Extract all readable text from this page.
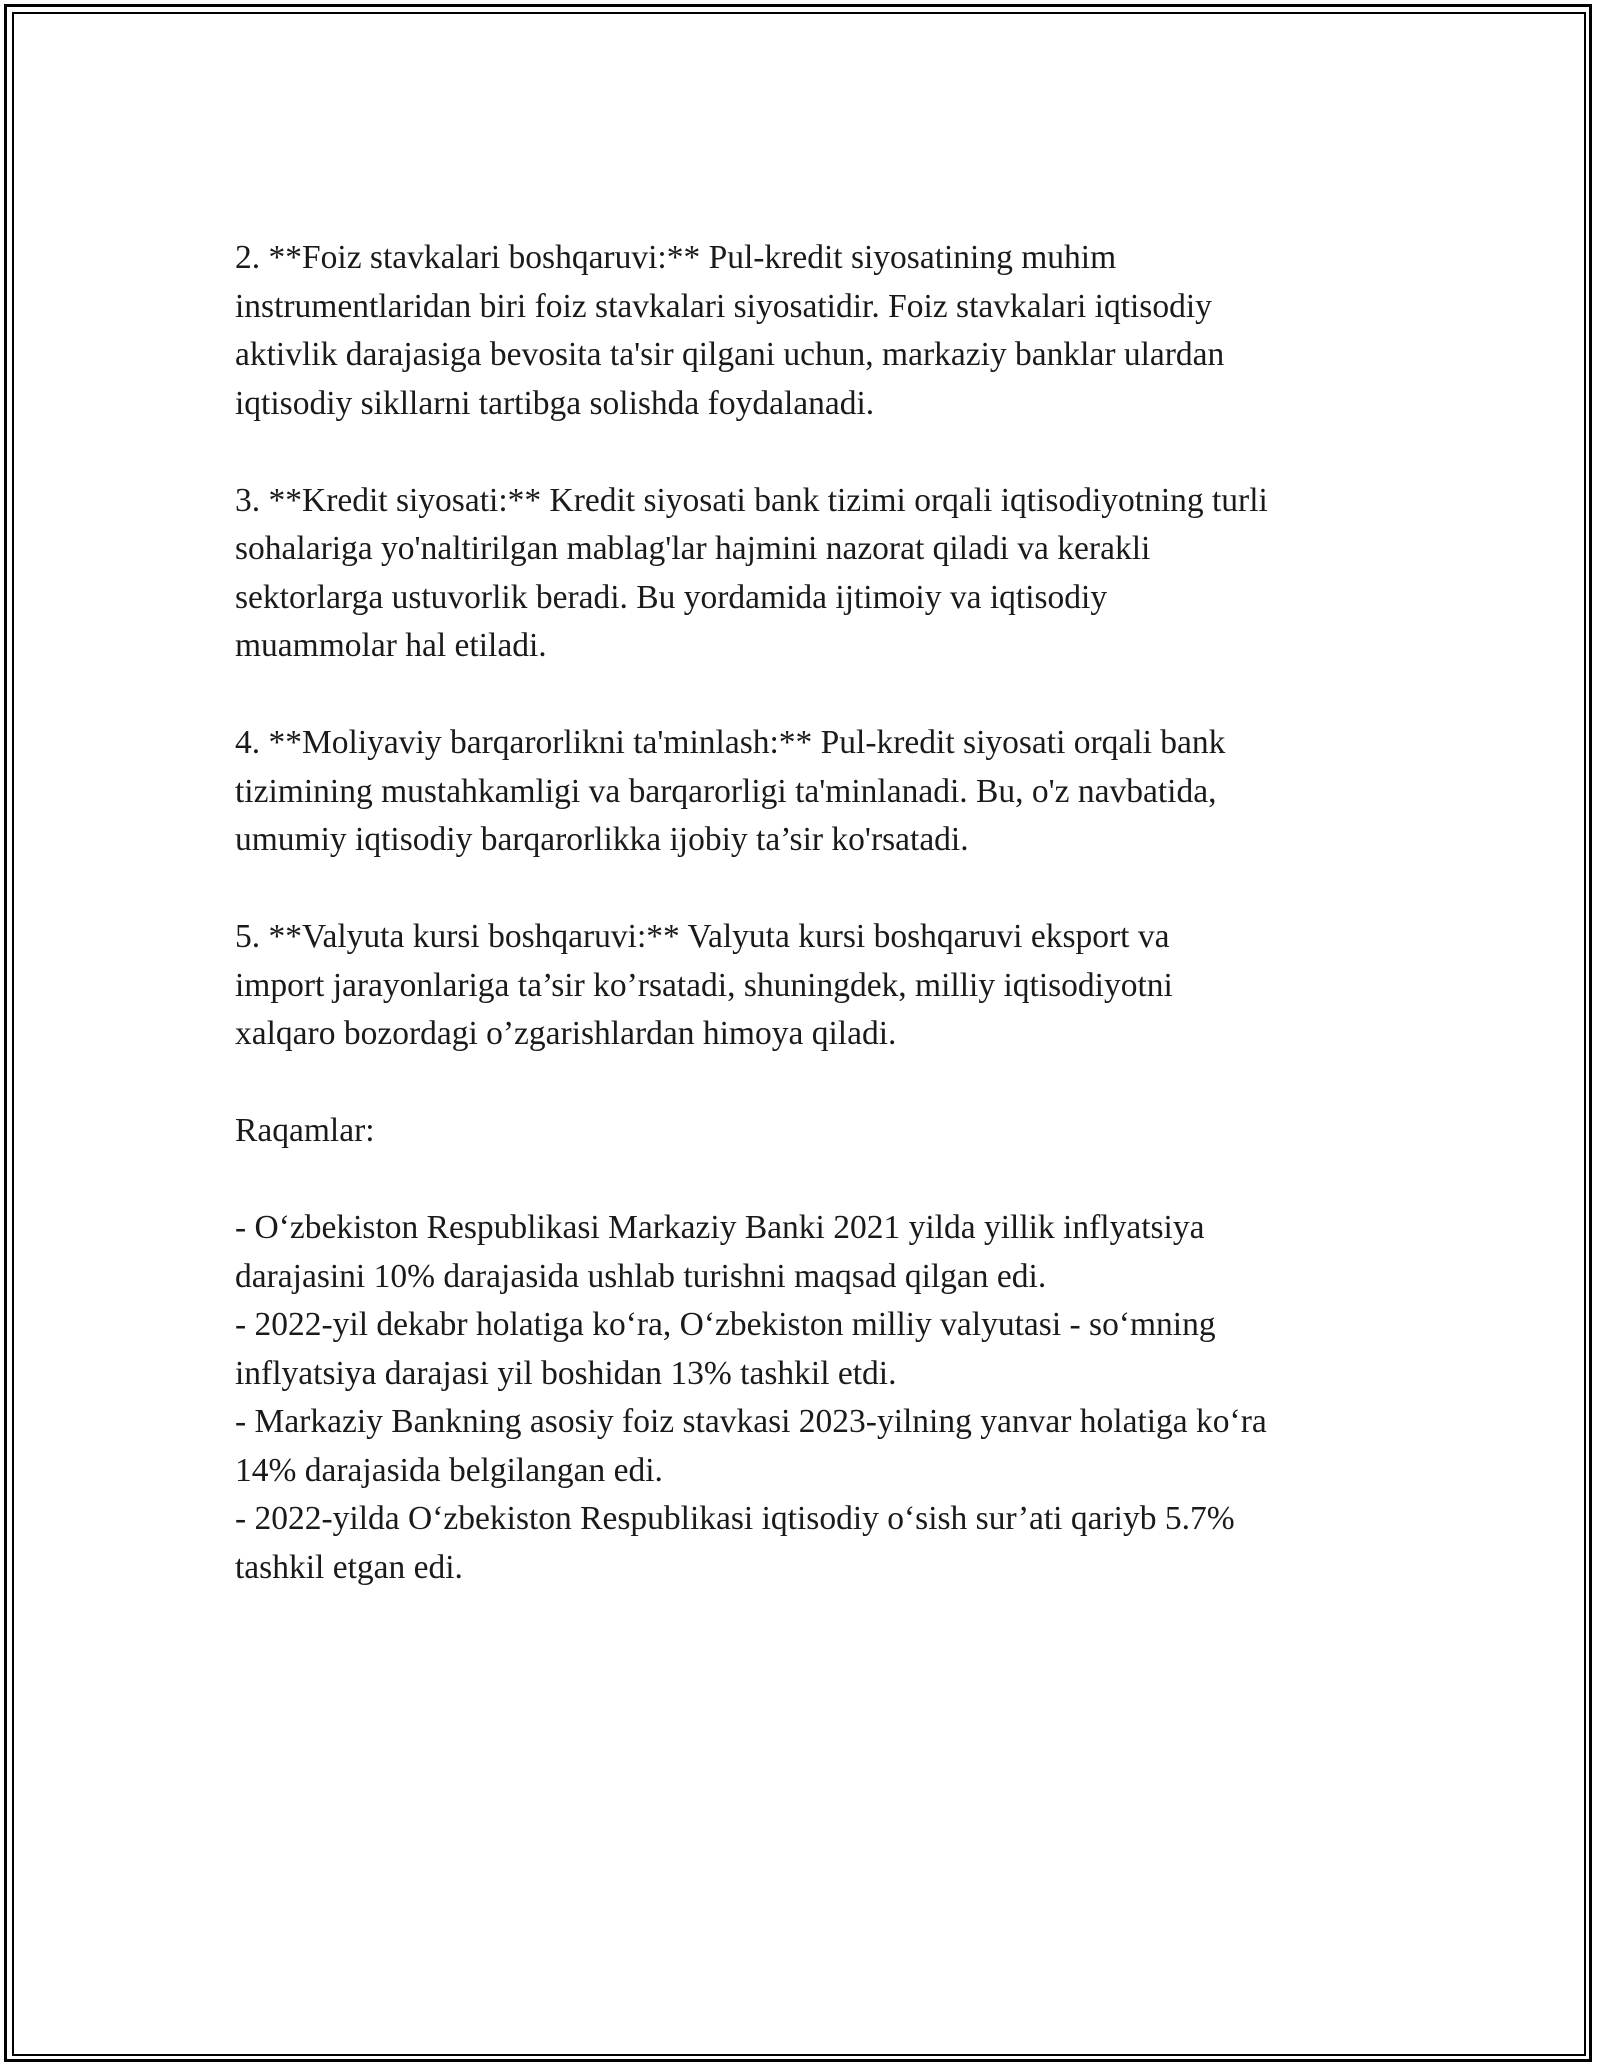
2. **Foiz stavkalari boshqaruvi:** Pul-kredit siyosatining muhim

instrumentlaridan biri foiz stavkalari siyosatidir. Foiz stavkalari iqtisodiy

aktivlik darajasiga bevosita ta'sir qilgani uchun, markaziy banklar ulardan

iqtisodiy sikllarni tartibga solishda foydalanadi.

3. **Kredit siyosati:** Kredit siyosati bank tizimi orqali iqtisodiyotning turli

sohalariga yo'naltirilgan mablag'lar hajmini nazorat qiladi va kerakli

sektorlarga ustuvorlik beradi. Bu yordamida ijtimoiy va iqtisodiy

muammolar hal etiladi.

4. **Moliyaviy barqarorlikni ta'minlash:** Pul-kredit siyosati orqali bank

tizimining mustahkamligi va barqarorligi ta'minlanadi. Bu, o'z navbatida,

umumiy iqtisodiy barqarorlikka ijobiy ta’sir ko'rsatadi.

5. **Valyuta kursi boshqaruvi:** Valyuta kursi boshqaruvi eksport va

import jarayonlariga ta’sir ko’rsatadi, shuningdek, milliy iqtisodiyotni

xalqaro bozordagi o’zgarishlardan himoya qiladi.

Raqamlar:

- O‘zbekiston Respublikasi Markaziy Banki 2021 yilda yillik inflyatsiya

darajasini 10% darajasida ushlab turishni maqsad qilgan edi.

- 2022-yil dekabr holatiga ko‘ra, O‘zbekiston milliy valyutasi - so‘mning

inflyatsiya darajasi yil boshidan 13% tashkil etdi.

- Markaziy Bankning asosiy foiz stavkasi 2023-yilning yanvar holatiga ko‘ra

14% darajasida belgilangan edi.

- 2022-yilda O‘zbekiston Respublikasi iqtisodiy o‘sish sur’ati qariyb 5.7%

tashkil etgan edi.
